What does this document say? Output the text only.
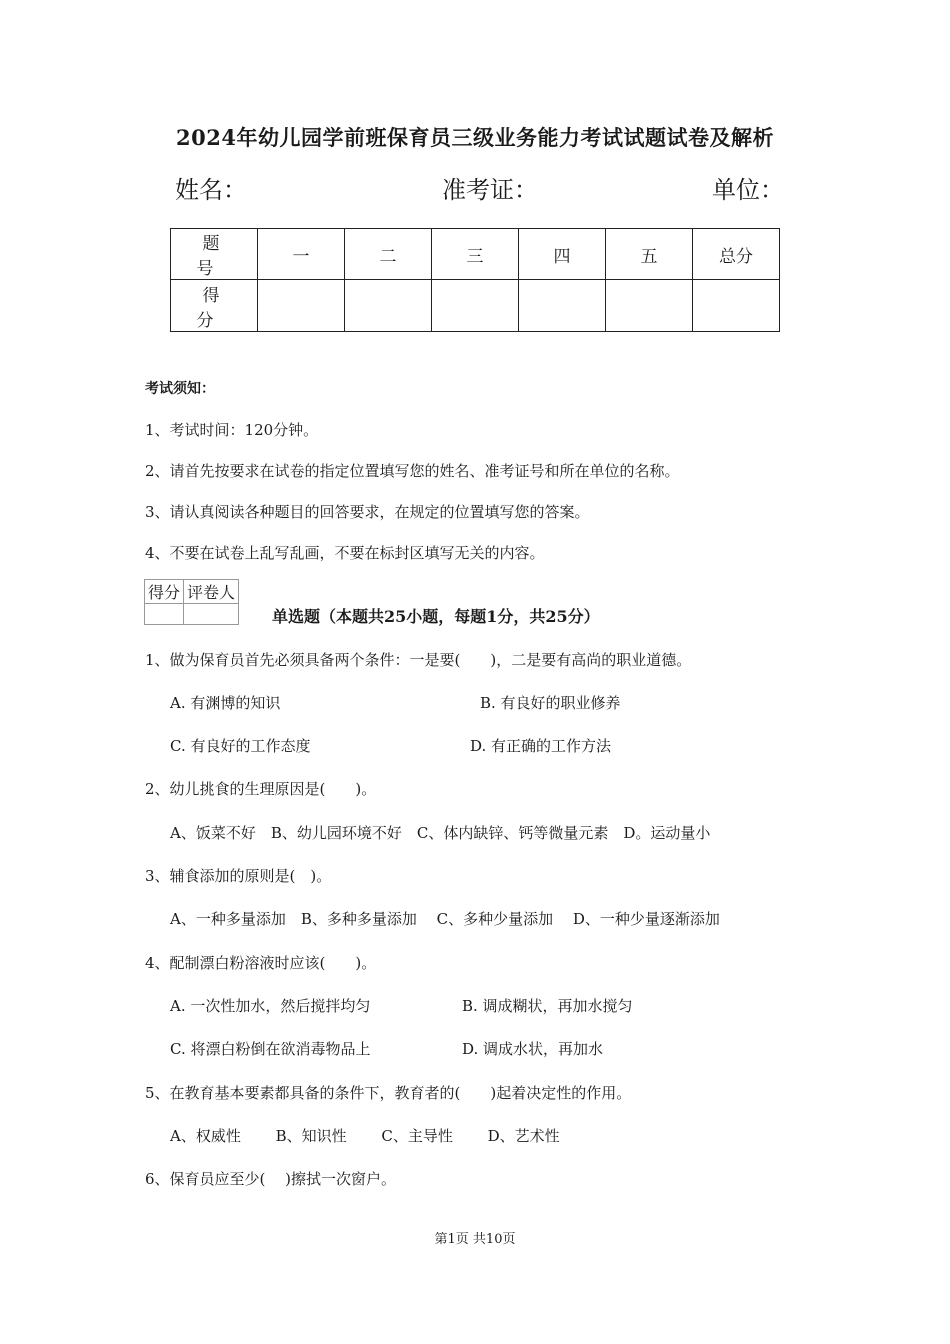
2024年幼儿园学前班保育员三级业务能力考试试题试卷及解析
姓名：	准考证：	单位：
题　号	一	二	三	四	五	总分
得　分						
考试须知：
1、考试时间：120分钟。
2、请首先按要求在试卷的指定位置填写您的姓名、准考证号和所在单位的名称。
3、请认真阅读各种题目的回答要求，在规定的位置填写您的答案。
4、不要在试卷上乱写乱画，不要在标封区填写无关的内容。
得分	评卷人

单选题（本题共25小题，每题1分，共25分）
1、做为保育员首先必须具备两个条件：一是要(　　)，二是要有高尚的职业道德。
A. 有渊博的知识	B. 有良好的职业修养
C. 有良好的工作态度	D. 有正确的工作方法
2、幼儿挑食的生理原因是(　　)。
A、饭菜不好　B、幼儿园环境不好　C、体内缺锌、钙等微量元素　D。运动量小
3、辅食添加的原则是(　)。
A、一种多量添加　B、多种多量添加　 C、多种少量添加　 D、一种少量逐渐添加
4、配制漂白粉溶液时应该(　　)。
A. 一次性加水，然后搅拌均匀	B. 调成糊状，再加水搅匀
C. 将漂白粉倒在欲消毒物品上	D. 调成水状，再加水
5、在教育基本要素都具备的条件下，教育者的(　　)起着决定性的作用。
A、权威性　　 B、知识性　　 C、主导性　　 D、艺术性
6、保育员应至少(　 )擦拭一次窗户。
第1页 共10页
